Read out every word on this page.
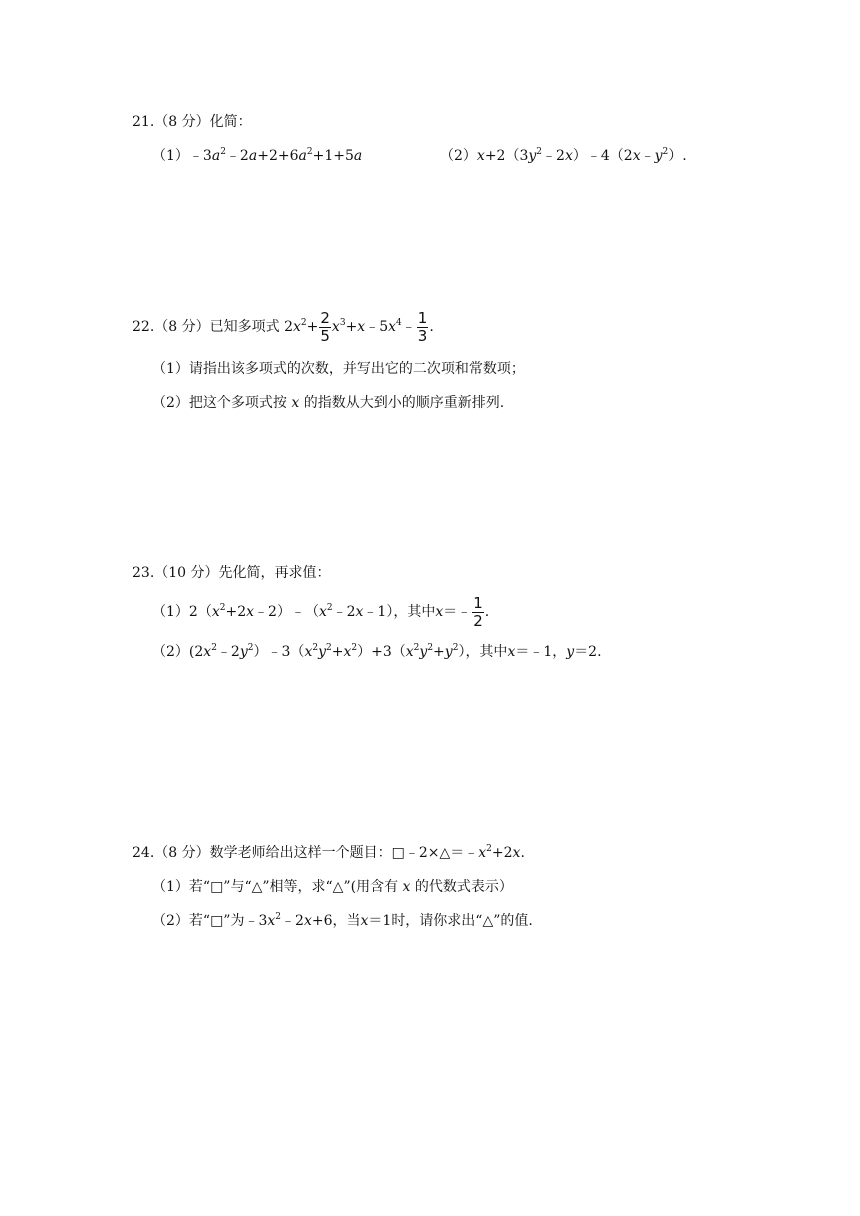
21.（8 分）化简：
$(1)﹣3a^2﹣2a+2+6a^2+1+5a$	$(2)x+2(3y^2﹣2x)﹣4(2x﹣y^2)$.
22.（8 分）已知多项式 $2x^2+ \frac{2}{5}$ $x^3+x﹣5x^4﹣ \frac{1}{3}$ .
（1）请指出该多项式的次数，并写出它的二次项和常数项；
（2）把这个多项式按 x 的指数从大到小的顺序重新排列.
23.（10 分）先化简，再求值：
$(1)2(x^2+2x﹣2)﹣(x^2﹣2x﹣1)$，其中x＝﹣ $\frac{1}{2}$ .
$(2)(2x^2﹣2y^2)﹣3(x^2y^2+x^2)+3(x^2y^2+y^2)$，其中x＝﹣1，y＝2.
24.（8 分）数学老师给出这样一个题目：$□﹣2\times\triangle=﹣x^2+2x$.
（1）若“□”与“△”相等，求“△”(用含有 x 的代数式表示）
（2）若“□”为$﹣3x^2﹣2x+6$，当x＝1时，请你求出“△”的值.
